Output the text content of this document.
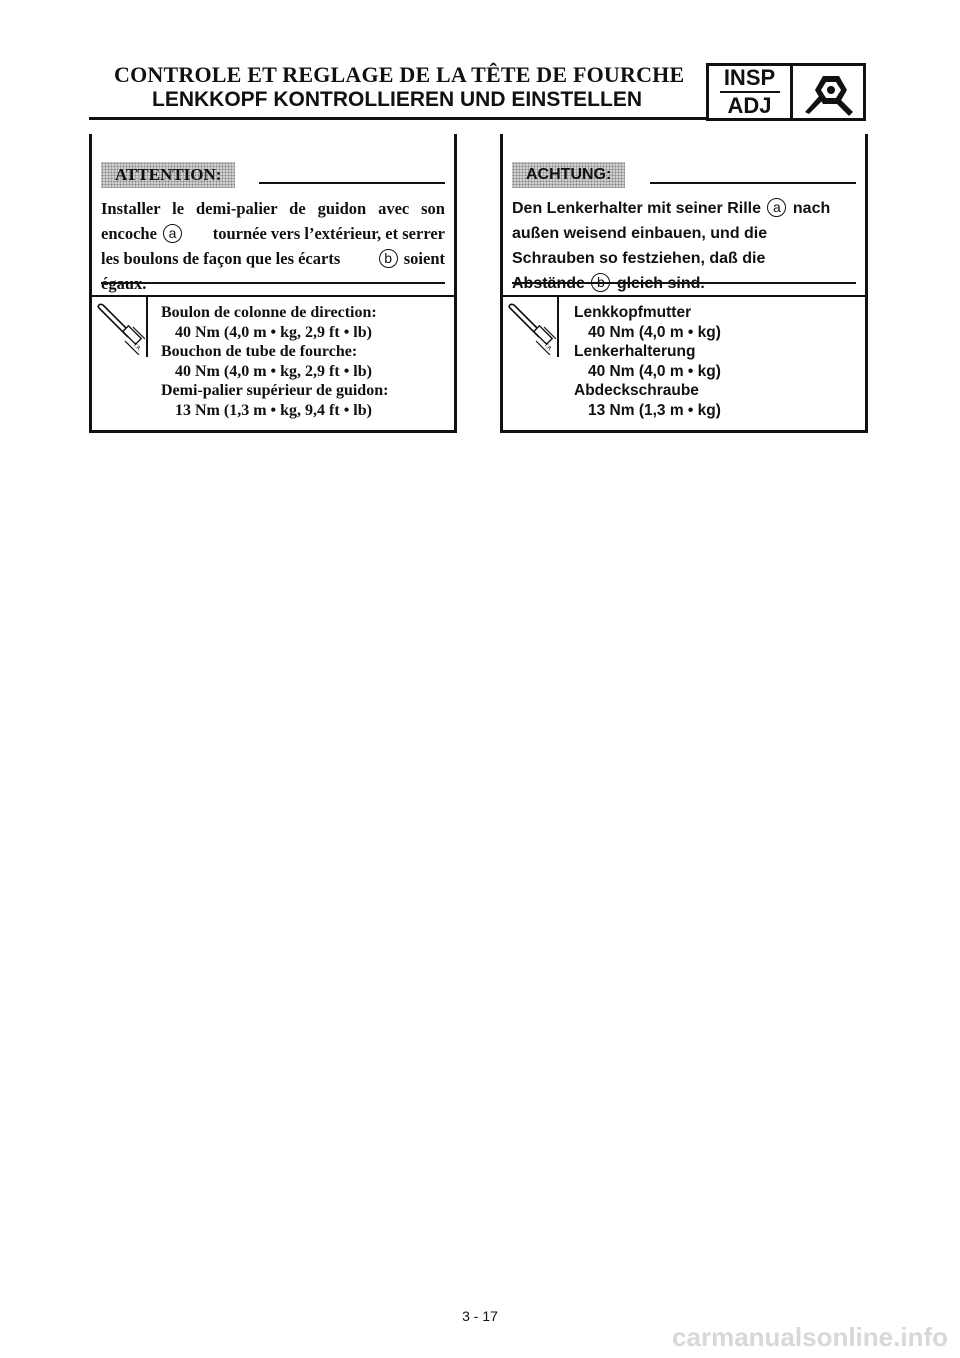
CONTROLE ET REGLAGE DE LA TÊTE DE FOURCHE
LENKKOPF KONTROLLIEREN UND EINSTELLEN
INSP
ADJ
ATTENTION:
Installer le demi-palier de guidon avec son
encoche a	tournée vers l’extérieur, et serrer
les boulons de façon que les écarts	b soient
T.R.
Boulon de colonne de direction:
40 Nm (4,0 m • kg, 2,9 ft • lb)
Bouchon de tube de fourche:
40 Nm (4,0 m • kg, 2,9 ft • lb)
Demi-palier supérieur de guidon:
13 Nm (1,3 m • kg, 9,4 ft • lb)
ACHTUNG:
Den Lenkerhalter mit seiner Rille a nach
außen weisend einbauen, und die
Schrauben so festziehen, daß die
T.R.
Lenkkopfmutter
40 Nm (4,0 m • kg)
Lenkerhalterung
40 Nm (4,0 m • kg)
Abdeckschraube
13 Nm (1,3 m • kg)
3 - 17
carmanualsonline.info
